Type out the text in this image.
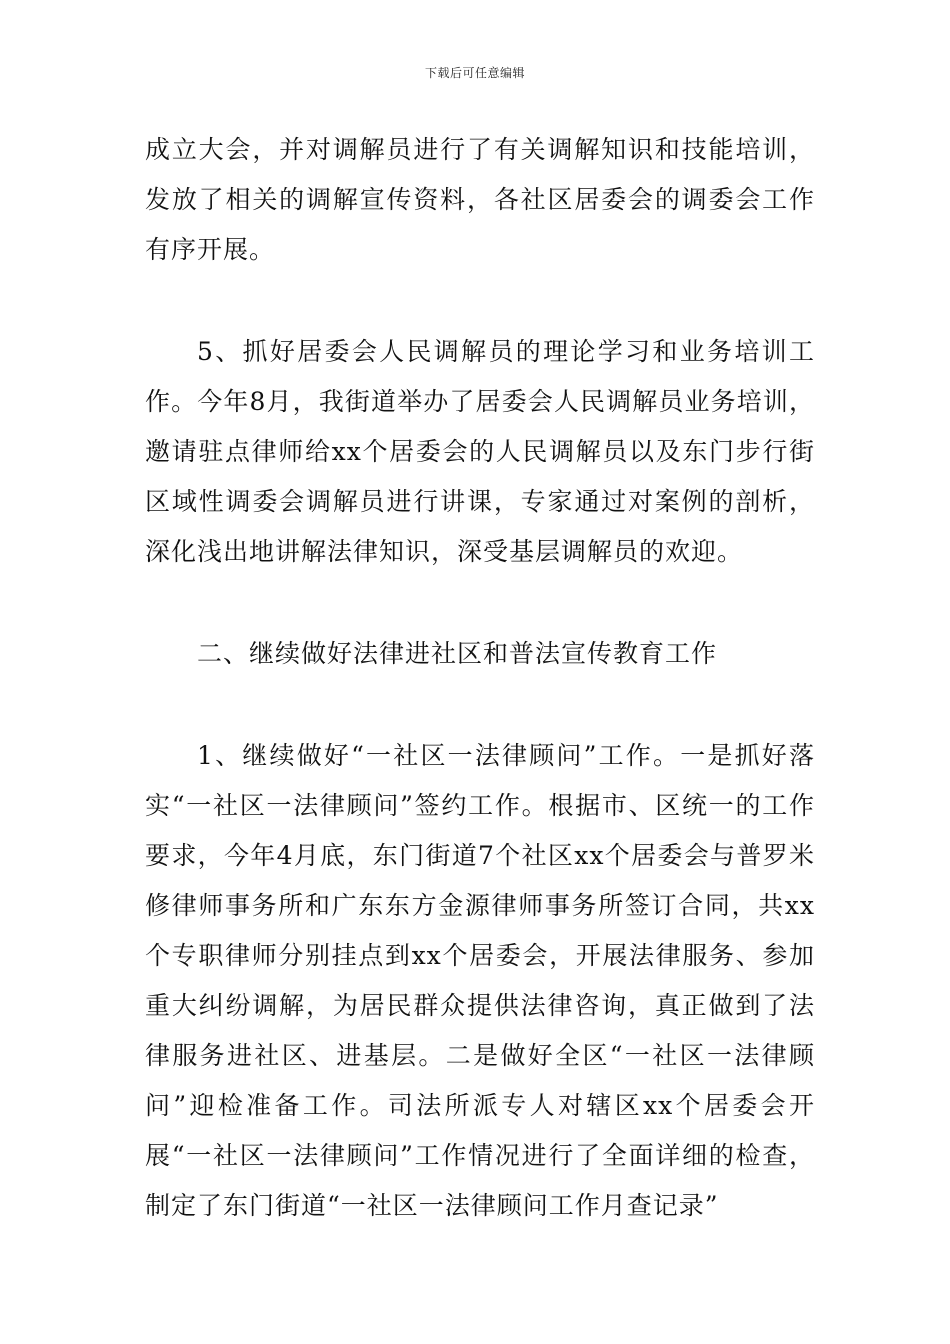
下载后可任意编辑

成立大会，并对调解员进行了有关调解知识和技能培训，发放了相关的调解宣传资料，各社区居委会的调委会工作有序开展。

5、抓好居委会人民调解员的理论学习和业务培训工作。今年8月，我街道举办了居委会人民调解员业务培训，邀请驻点律师给xx个居委会的人民调解员以及东门步行街区域性调委会调解员进行讲课，专家通过对案例的剖析，深化浅出地讲解法律知识，深受基层调解员的欢迎。

二、继续做好法律进社区和普法宣传教育工作

1、继续做好“一社区一法律顾问”工作。一是抓好落实“一社区一法律顾问”签约工作。根据市、区统一的工作要求，今年4月底，东门街道7个社区xx个居委会与普罗米修律师事务所和广东东方金源律师事务所签订合同，共xx个专职律师分别挂点到xx个居委会，开展法律服务、参加重大纠纷调解，为居民群众提供法律咨询，真正做到了法律服务进社区、进基层。二是做好全区“一社区一法律顾问”迎检准备工作。司法所派专人对辖区xx个居委会开展“一社区一法律顾问”工作情况进行了全面详细的检查，制定了东门街道“一社区一法律顾问工作月查记录”
